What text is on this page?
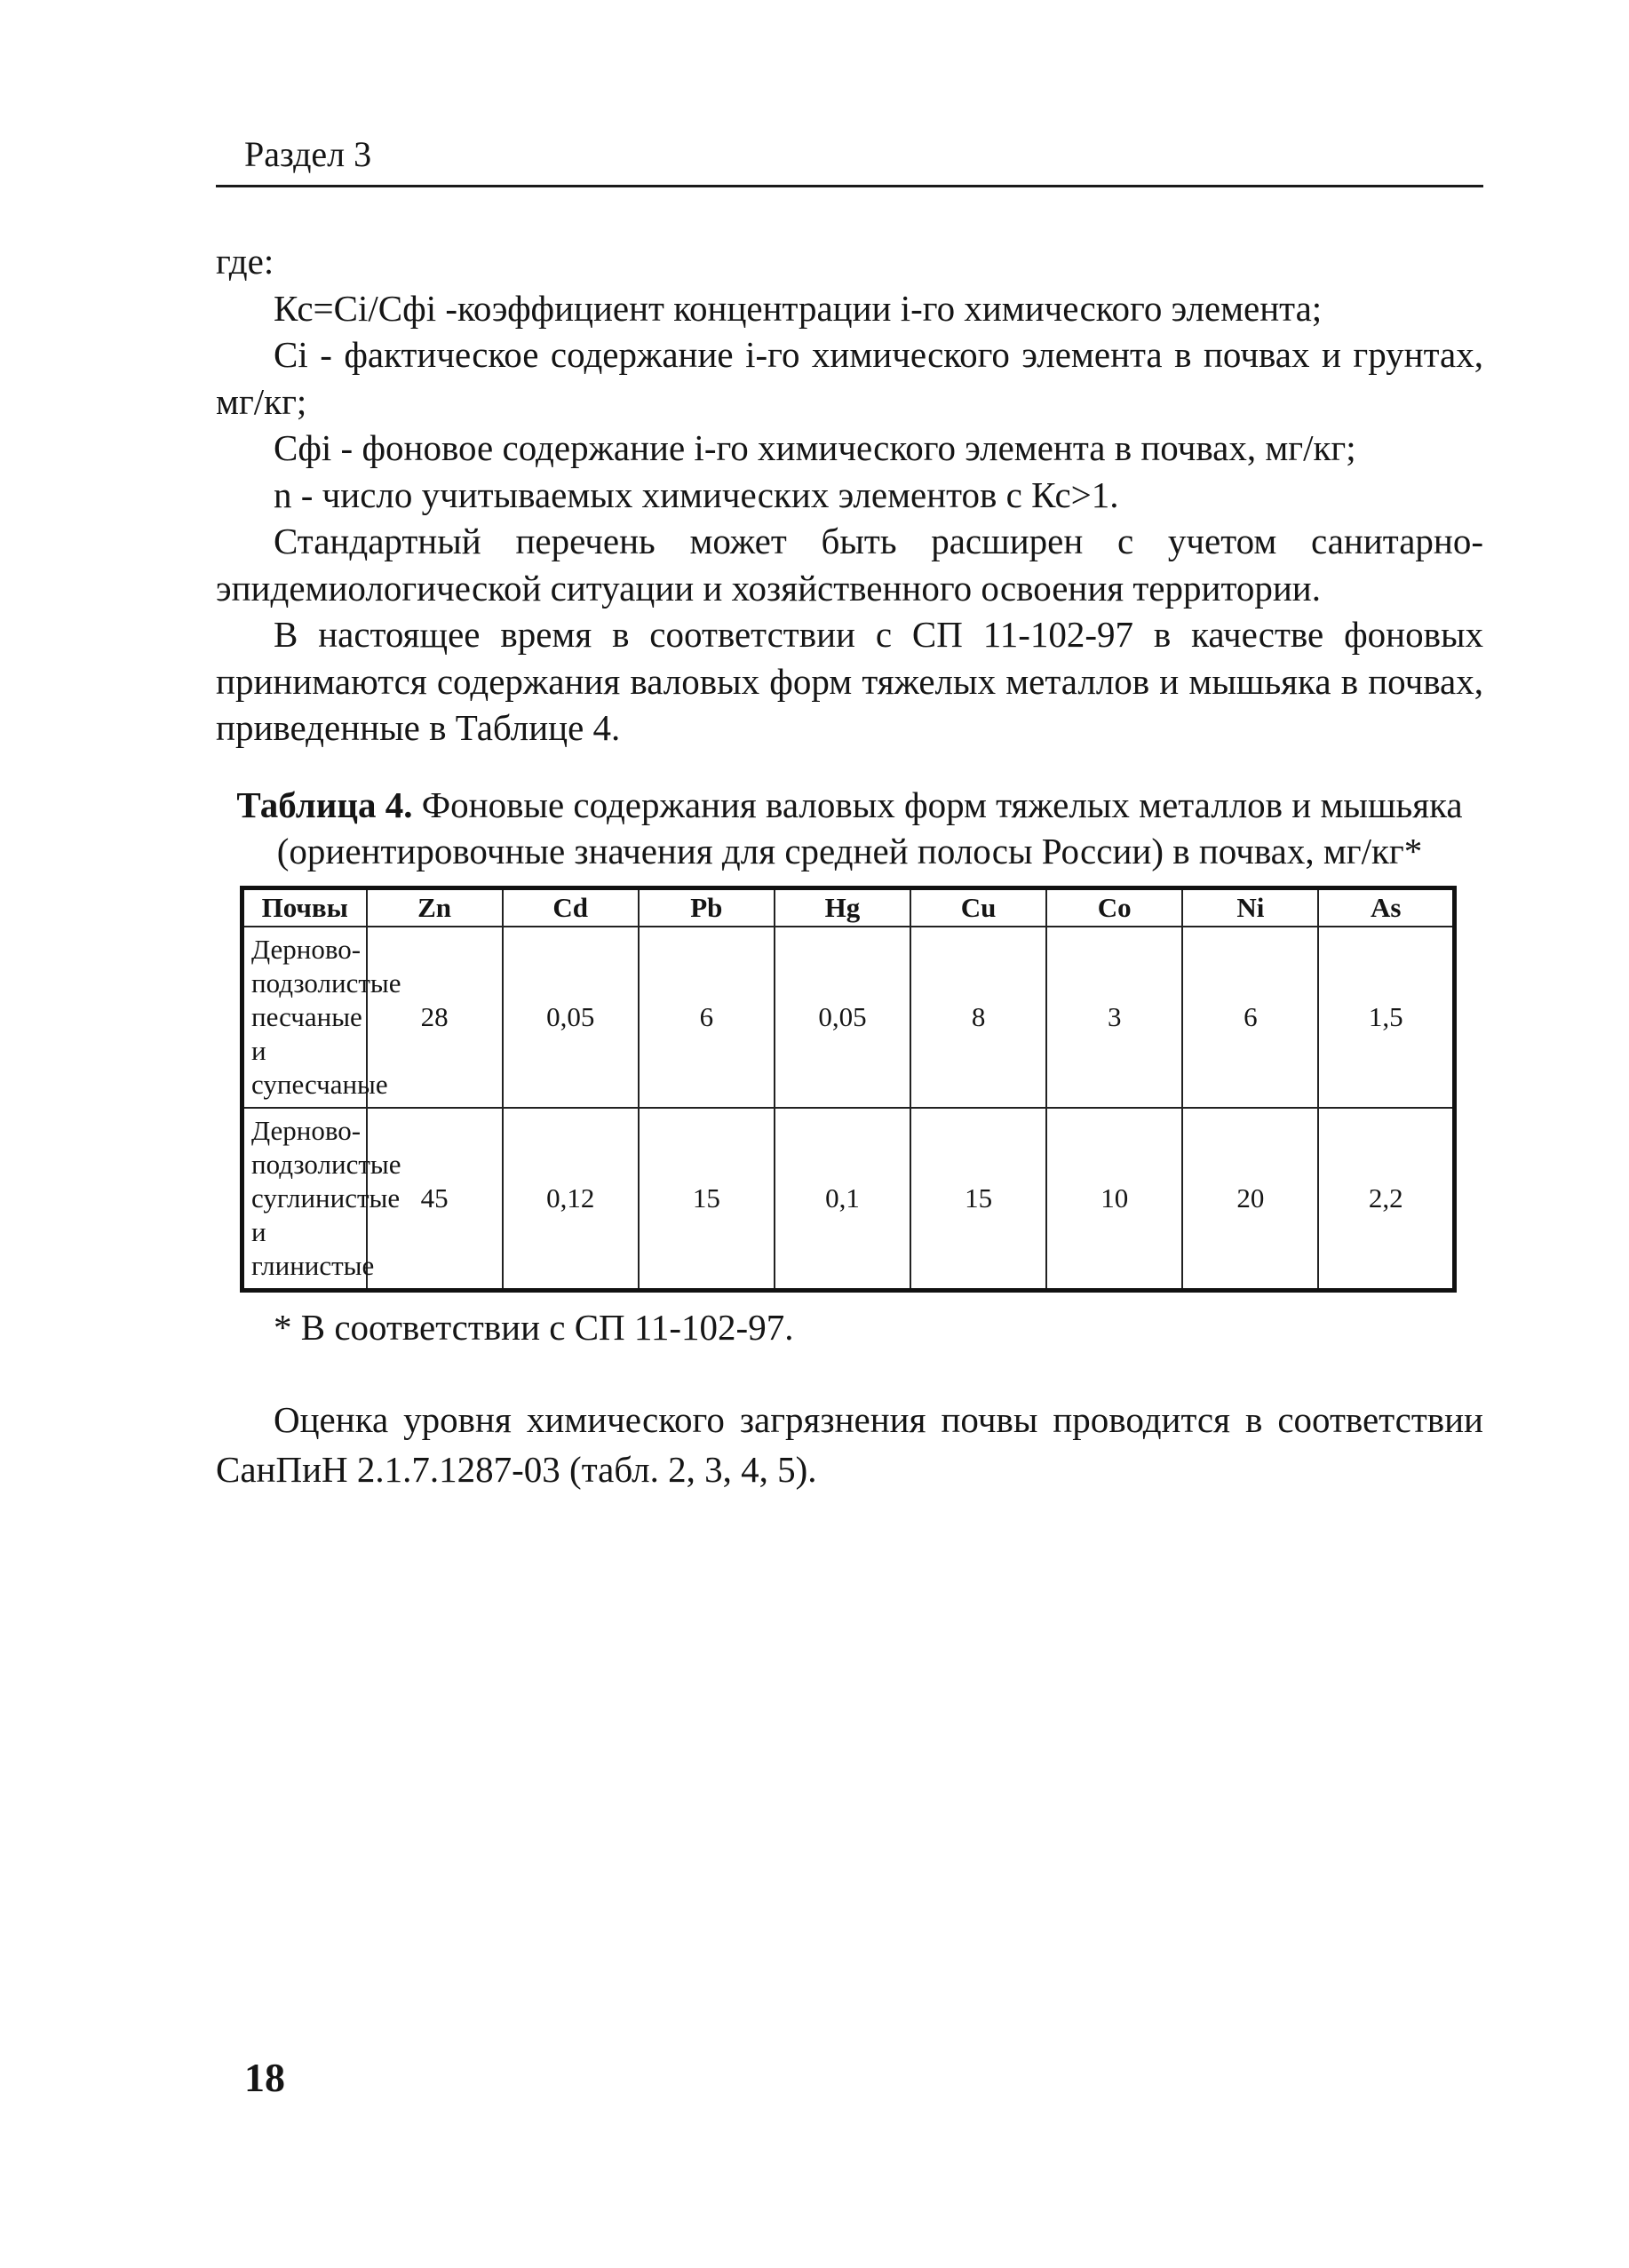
Раздел 3

где:

Кс=Сi/Сфi -коэффициент концентрации i-го химического элемента;

Сi - фактическое содержание i-го химического элемента в почвах и грунтах, мг/кг;

Сфi - фоновое содержание i-го химического элемента в почвах, мг/кг;

n - число учитываемых химических элементов с Кс>1.

Стандартный перечень может быть расширен с учетом санитарно-эпидемиологической ситуации и хозяйственного освоения территории.

В настоящее время в соответствии с СП 11-102-97 в качестве фоновых принимаются содержания валовых форм тяжелых металлов и мышьяка в почвах, приведенные в Таблице 4.

Таблица 4. Фоновые содержания валовых форм тяжелых металлов и мышьяка
(ориентировочные значения для средней полосы России) в почвах, мг/кг*
Почвы	Zn	Cd	Pb	Hg	Cu	Co	Ni	As

Дерново-
подзолистые
песчаные и
супесчаные	28	0,05	6	0,05	8	3	6	1,5

Дерново-
подзолистые
суглинистые
и глинистые	45	0,12	15	0,1	15	10	20	2,2
* В соответствии с СП 11-102-97.

Оценка уровня химического загрязнения почвы проводится в соответствии СанПиН 2.1.7.1287-03 (табл. 2, 3, 4, 5).

18
